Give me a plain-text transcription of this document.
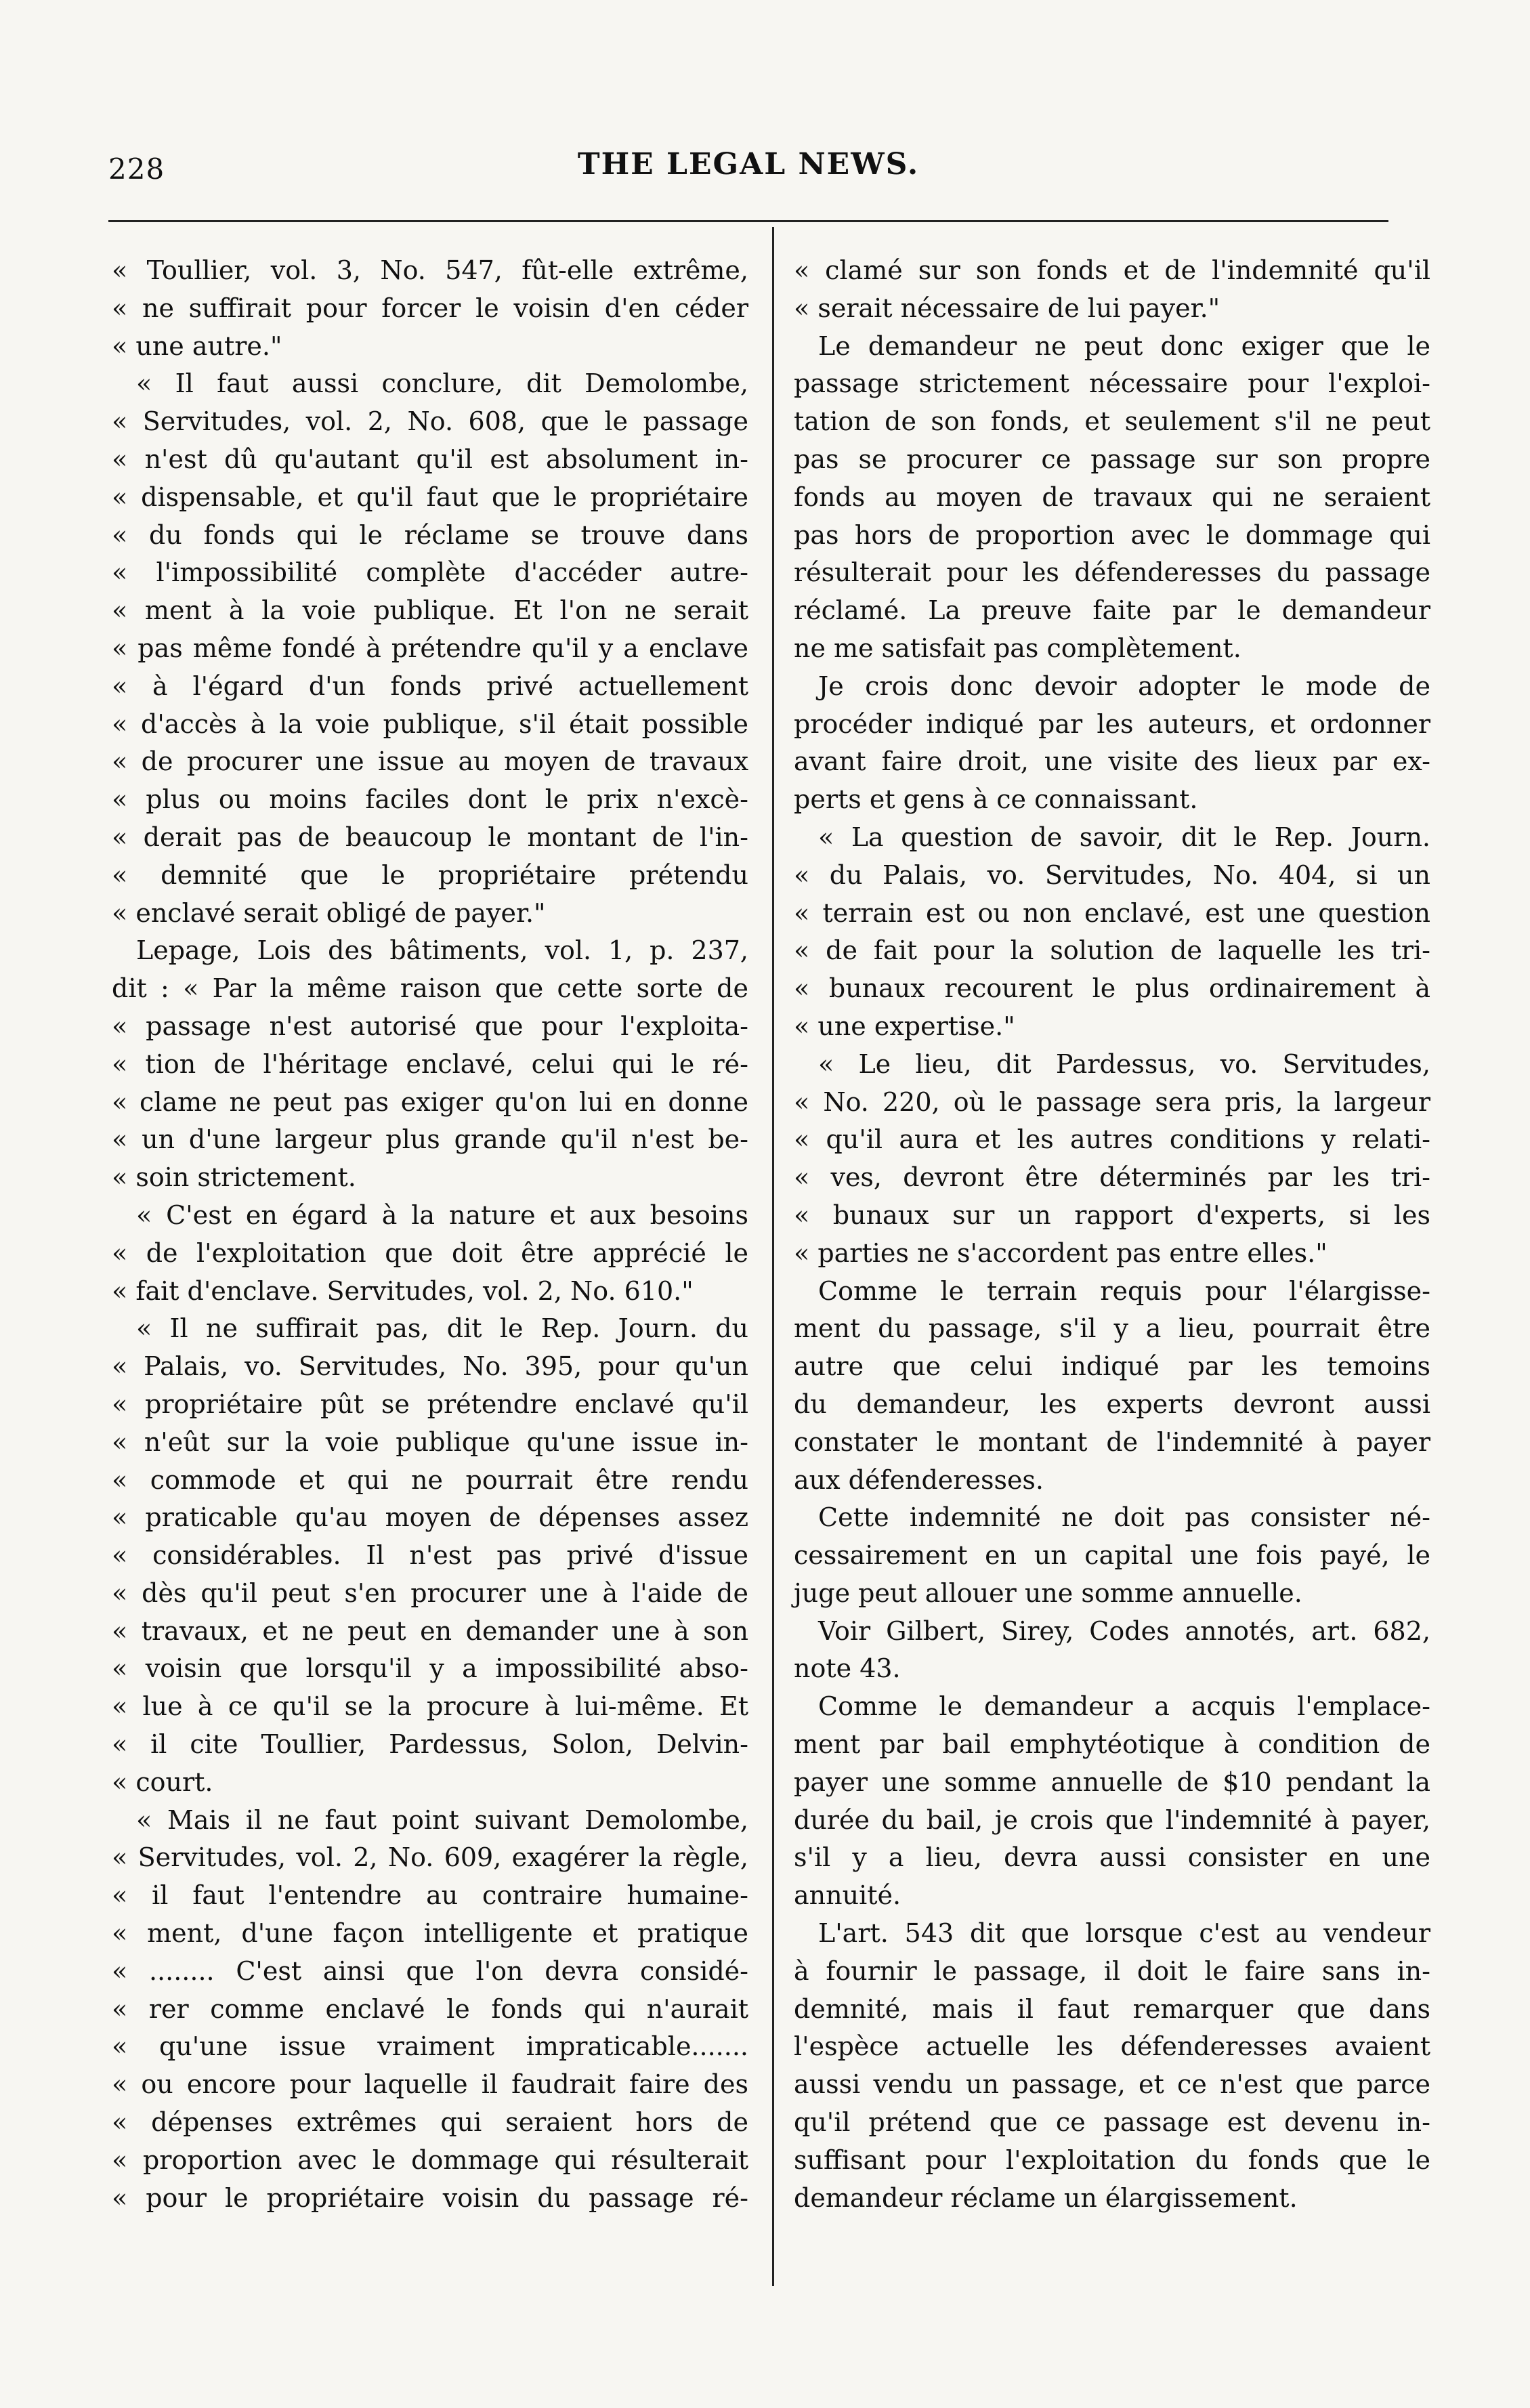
228	THE LEGAL NEWS.
« Toullier, vol. 3, No. 547, fût-elle extrême,
« ne suffirait pour forcer le voisin d'en céder
« une autre."
« Il faut aussi conclure, dit Demolombe,
« Servitudes, vol. 2, No. 608, que le passage
« n'est dû qu'autant qu'il est absolument in-
« dispensable, et qu'il faut que le propriétaire
« du fonds qui le réclame se trouve dans
« l'impossibilité complète d'accéder autre-
« ment à la voie publique. Et l'on ne serait
« pas même fondé à prétendre qu'il y a enclave
« à l'égard d'un fonds privé actuellement
« d'accès à la voie publique, s'il était possible
« de procurer une issue au moyen de travaux
« plus ou moins faciles dont le prix n'excè-
« derait pas de beaucoup le montant de l'in-
« demnité que le propriétaire prétendu
« enclavé serait obligé de payer."
Lepage, Lois des bâtiments, vol. 1, p. 237,
dit : « Par la même raison que cette sorte de
« passage n'est autorisé que pour l'exploita-
« tion de l'héritage enclavé, celui qui le ré-
« clame ne peut pas exiger qu'on lui en donne
« un d'une largeur plus grande qu'il n'est be-
« soin strictement.
« C'est en égard à la nature et aux besoins
« de l'exploitation que doit être apprécié le
« fait d'enclave. Servitudes, vol. 2, No. 610."
« Il ne suffirait pas, dit le Rep. Journ. du
« Palais, vo. Servitudes, No. 395, pour qu'un
« propriétaire pût se prétendre enclavé qu'il
« n'eût sur la voie publique qu'une issue in-
« commode et qui ne pourrait être rendu
« praticable qu'au moyen de dépenses assez
« considérables. Il n'est pas privé d'issue
« dès qu'il peut s'en procurer une à l'aide de
« travaux, et ne peut en demander une à son
« voisin que lorsqu'il y a impossibilité abso-
« lue à ce qu'il se la procure à lui-même. Et
« il cite Toullier, Pardessus, Solon, Delvin-
« court.
« Mais il ne faut point suivant Demolombe,
« Servitudes, vol. 2, No. 609, exagérer la règle,
« il faut l'entendre au contraire humaine-
« ment, d'une façon intelligente et pratique
« ........ C'est ainsi que l'on devra considé-
« rer comme enclavé le fonds qui n'aurait
« qu'une issue vraiment impraticable.......
« ou encore pour laquelle il faudrait faire des
« dépenses extrêmes qui seraient hors de
« proportion avec le dommage qui résulterait
« pour le propriétaire voisin du passage ré-
« clamé sur son fonds et de l'indemnité qu'il
« serait nécessaire de lui payer."
Le demandeur ne peut donc exiger que le
passage strictement nécessaire pour l'exploi-
tation de son fonds, et seulement s'il ne peut
pas se procurer ce passage sur son propre
fonds au moyen de travaux qui ne seraient
pas hors de proportion avec le dommage qui
résulterait pour les défenderesses du passage
réclamé. La preuve faite par le demandeur
ne me satisfait pas complètement.
Je crois donc devoir adopter le mode de
procéder indiqué par les auteurs, et ordonner
avant faire droit, une visite des lieux par ex-
perts et gens à ce connaissant.
« La question de savoir, dit le Rep. Journ.
« du Palais, vo. Servitudes, No. 404, si un
« terrain est ou non enclavé, est une question
« de fait pour la solution de laquelle les tri-
« bunaux recourent le plus ordinairement à
« une expertise."
« Le lieu, dit Pardessus, vo. Servitudes,
« No. 220, où le passage sera pris, la largeur
« qu'il aura et les autres conditions y relati-
« ves, devront être déterminés par les tri-
« bunaux sur un rapport d'experts, si les
« parties ne s'accordent pas entre elles."
Comme le terrain requis pour l'élargisse-
ment du passage, s'il y a lieu, pourrait être
autre que celui indiqué par les temoins
du demandeur, les experts devront aussi
constater le montant de l'indemnité à payer
aux défenderesses.
Cette indemnité ne doit pas consister né-
cessairement en un capital une fois payé, le
juge peut allouer une somme annuelle.
Voir Gilbert, Sirey, Codes annotés, art. 682,
note 43.
Comme le demandeur a acquis l'emplace-
ment par bail emphytéotique à condition de
payer une somme annuelle de $10 pendant la
durée du bail, je crois que l'indemnité à payer,
s'il y a lieu, devra aussi consister en une
annuité.
L'art. 543 dit que lorsque c'est au vendeur
à fournir le passage, il doit le faire sans in-
demnité, mais il faut remarquer que dans
l'espèce actuelle les défenderesses avaient
aussi vendu un passage, et ce n'est que parce
qu'il prétend que ce passage est devenu in-
suffisant pour l'exploitation du fonds que le
demandeur réclame un élargissement.
